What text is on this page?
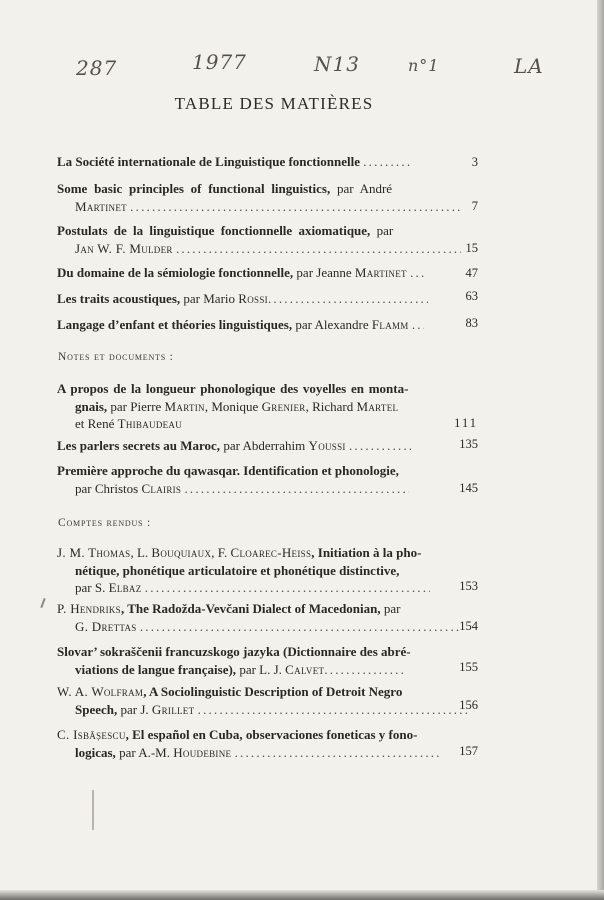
287	1977	N13	n°1	LA
TABLE DES MATIÈRES
La Société internationale de Linguistique fonctionnelle .....	3
Some basic principles of functional linguistics, par André
Martinet .....	7
Postulats de la linguistique fonctionnelle axiomatique, par
Jan W. F. Mulder .....	15
Du domaine de la sémiologie fonctionnelle, par Jeanne Martinet .....	47
Les traits acoustiques, par Mario Rossi .....	63
Langage d’enfant et théories linguistiques, par Alexandre Flamm .....	83
Notes et documents :
A propos de la longueur phonologique des voyelles en monta-
gnais, par Pierre Martin, Monique Grenier, Richard Martel
et René Thibaudeau	111
Les parlers secrets au Maroc, par Abderrahim Youssi .....	135
Première approche du qawasqar. Identification et phonologie,
par Christos Clairis .....	145
Comptes rendus :
J. M. Thomas, L. Bouquiaux, F. Cloarec-Heiss, Initiation à la pho-
nétique, phonétique articulatoire et phonétique distinctive,
par S. Elbaz .....	153
P. Hendriks, The Radožda-Vevčani Dialect of Macedonian, par
G. Drettas .....	154
Slovar’ sokraščenii francuzskogo jazyka (Dictionnaire des abré-
viations de langue française), par L. J. Calvet .....	155
W. A. Wolfram, A Sociolinguistic Description of Detroit Negro
Speech, par J. Grillet .....	156
C. Isbășescu, El español en Cuba, observaciones foneticas y fono-
logicas, par A.-M. Houdebine .....	157
